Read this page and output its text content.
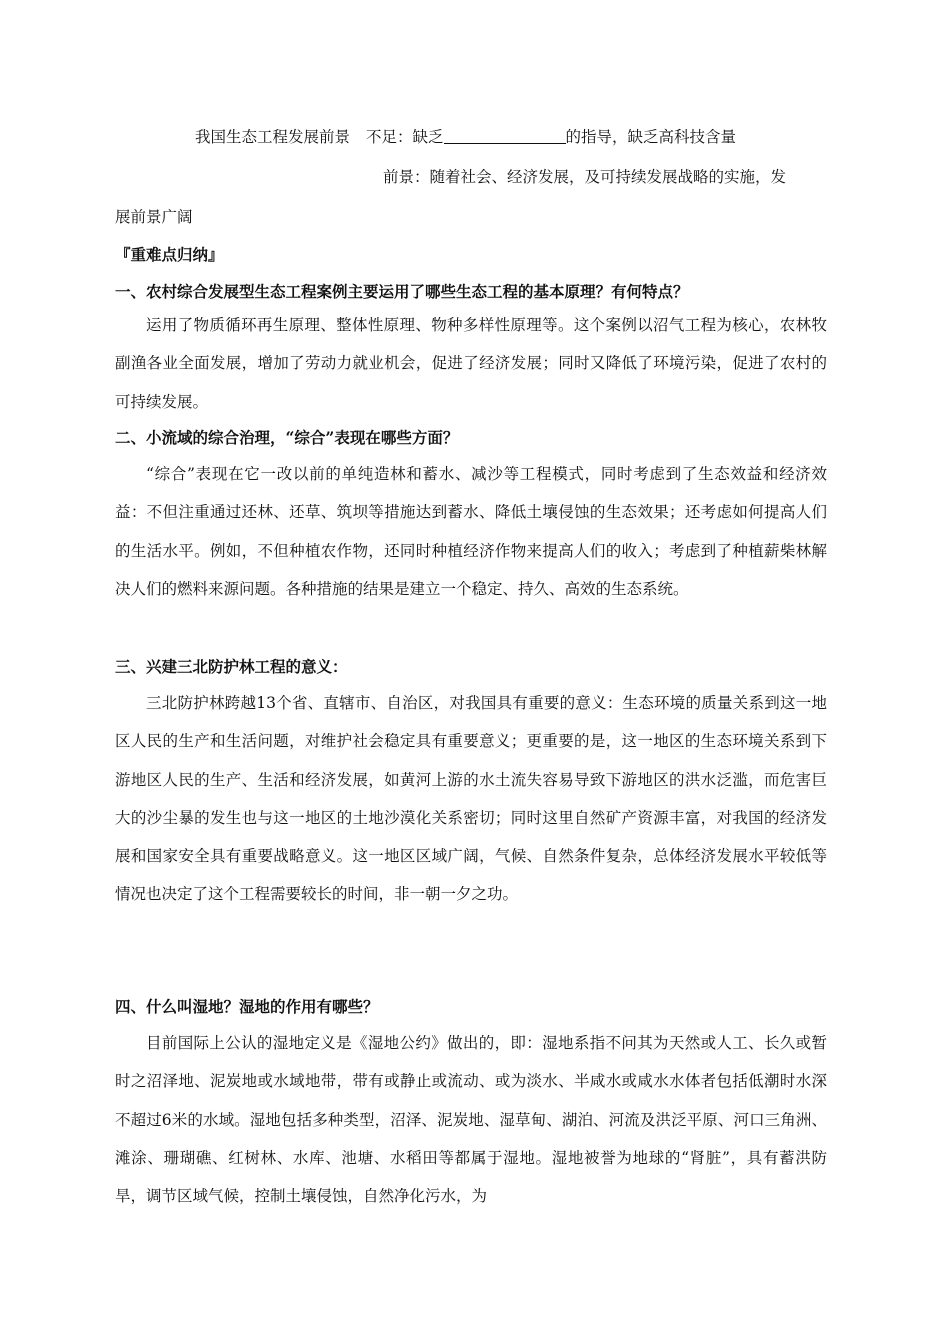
我国生态工程发展前景 不足：缺乏	的指导，缺乏高科技含量
前景：随着社会、经济发展，及可持续发展战略的实施，发
展前景广阔
『重难点归纳』
一、农村综合发展型生态工程案例主要运用了哪些生态工程的基本原理？有何特点？
运用了物质循环再生原理、整体性原理、物种多样性原理等。这个案例以沼气工程为核心，农林牧副渔各业全面发展，增加了劳动力就业机会，促进了经济发展；同时又降低了环境污染，促进了农村的可持续发展。
二、小流域的综合治理，“综合”表现在哪些方面？
“综合”表现在它一改以前的单纯造林和蓄水、减沙等工程模式，同时考虑到了生态效益和经济效益：不但注重通过还林、还草、筑坝等措施达到蓄水、降低土壤侵蚀的生态效果；还考虑如何提高人们的生活水平。例如，不但种植农作物，还同时种植经济作物来提高人们的收入；考虑到了种植薪柴林解决人们的燃料来源问题。各种措施的结果是建立一个稳定、持久、高效的生态系统。
三、兴建三北防护林工程的意义：
三北防护林跨越13个省、直辖市、自治区，对我国具有重要的意义：生态环境的质量关系到这一地区人民的生产和生活问题，对维护社会稳定具有重要意义；更重要的是，这一地区的生态环境关系到下游地区人民的生产、生活和经济发展，如黄河上游的水土流失容易导致下游地区的洪水泛滥，而危害巨大的沙尘暴的发生也与这一地区的土地沙漠化关系密切；同时这里自然矿产资源丰富，对我国的经济发展和国家安全具有重要战略意义。这一地区区域广阔，气候、自然条件复杂，总体经济发展水平较低等情况也决定了这个工程需要较长的时间，非一朝一夕之功。
四、什么叫湿地？湿地的作用有哪些？
目前国际上公认的湿地定义是《湿地公约》做出的，即：湿地系指不问其为天然或人工、长久或暂时之沼泽地、泥炭地或水域地带，带有或静止或流动、或为淡水、半咸水或咸水水体者包括低潮时水深不超过6米的水域。湿地包括多种类型，沼泽、泥炭地、湿草甸、湖泊、河流及洪泛平原、河口三角洲、滩涂、珊瑚礁、红树林、水库、池塘、水稻田等都属于湿地。湿地被誉为地球的“肾脏”，具有蓄洪防旱，调节区域气候，控制土壤侵蚀，自然净化污水，为
